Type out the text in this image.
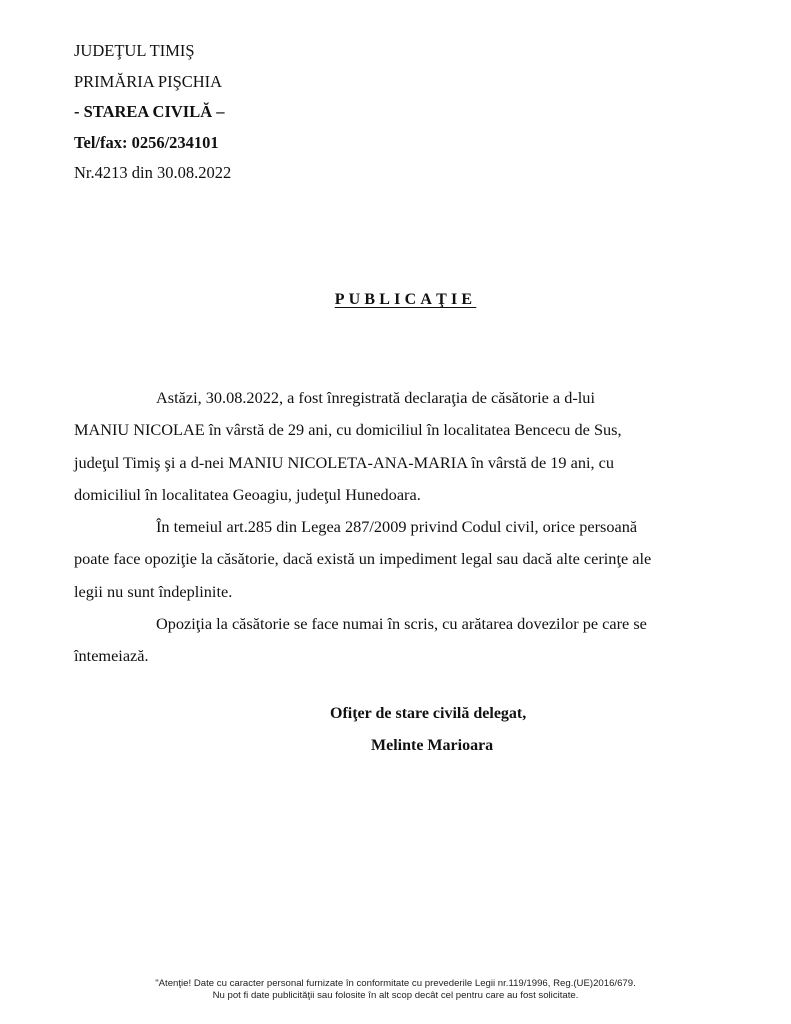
JUDEŢUL TIMIŞ
PRIMĂRIA PIŞCHIA
- STAREA CIVILĂ –
Tel/fax: 0256/234101
Nr.4213 din 30.08.2022
PUBLICAŢIE

Astăzi, 30.08.2022, a fost înregistrată declaraţia de căsătorie a d-lui
MANIU NICOLAE în vârstă de 29 ani, cu domiciliul în localitatea Bencecu de Sus,
judeţul Timiş şi a d-nei MANIU NICOLETA-ANA-MARIA în vârstă de 19 ani, cu
domiciliul în localitatea Geoagiu, judeţul Hunedoara.

În temeiul art.285 din Legea 287/2009 privind Codul civil, orice persoană
poate face opoziţie la căsătorie, dacă există un impediment legal sau dacă alte cerinţe ale
legii nu sunt îndeplinite.

Opoziţia la căsătorie se face numai în scris, cu arătarea dovezilor pe care se
întemeiază.

Ofiţer de stare civilă delegat,
Melinte Marioara
"Atenţie! Date cu caracter personal furnizate în conformitate cu prevederile Legii nr.119/1996, Reg.(UE)2016/679.
Nu pot fi date publicităţii sau folosite în alt scop decât cel pentru care au fost solicitate.
